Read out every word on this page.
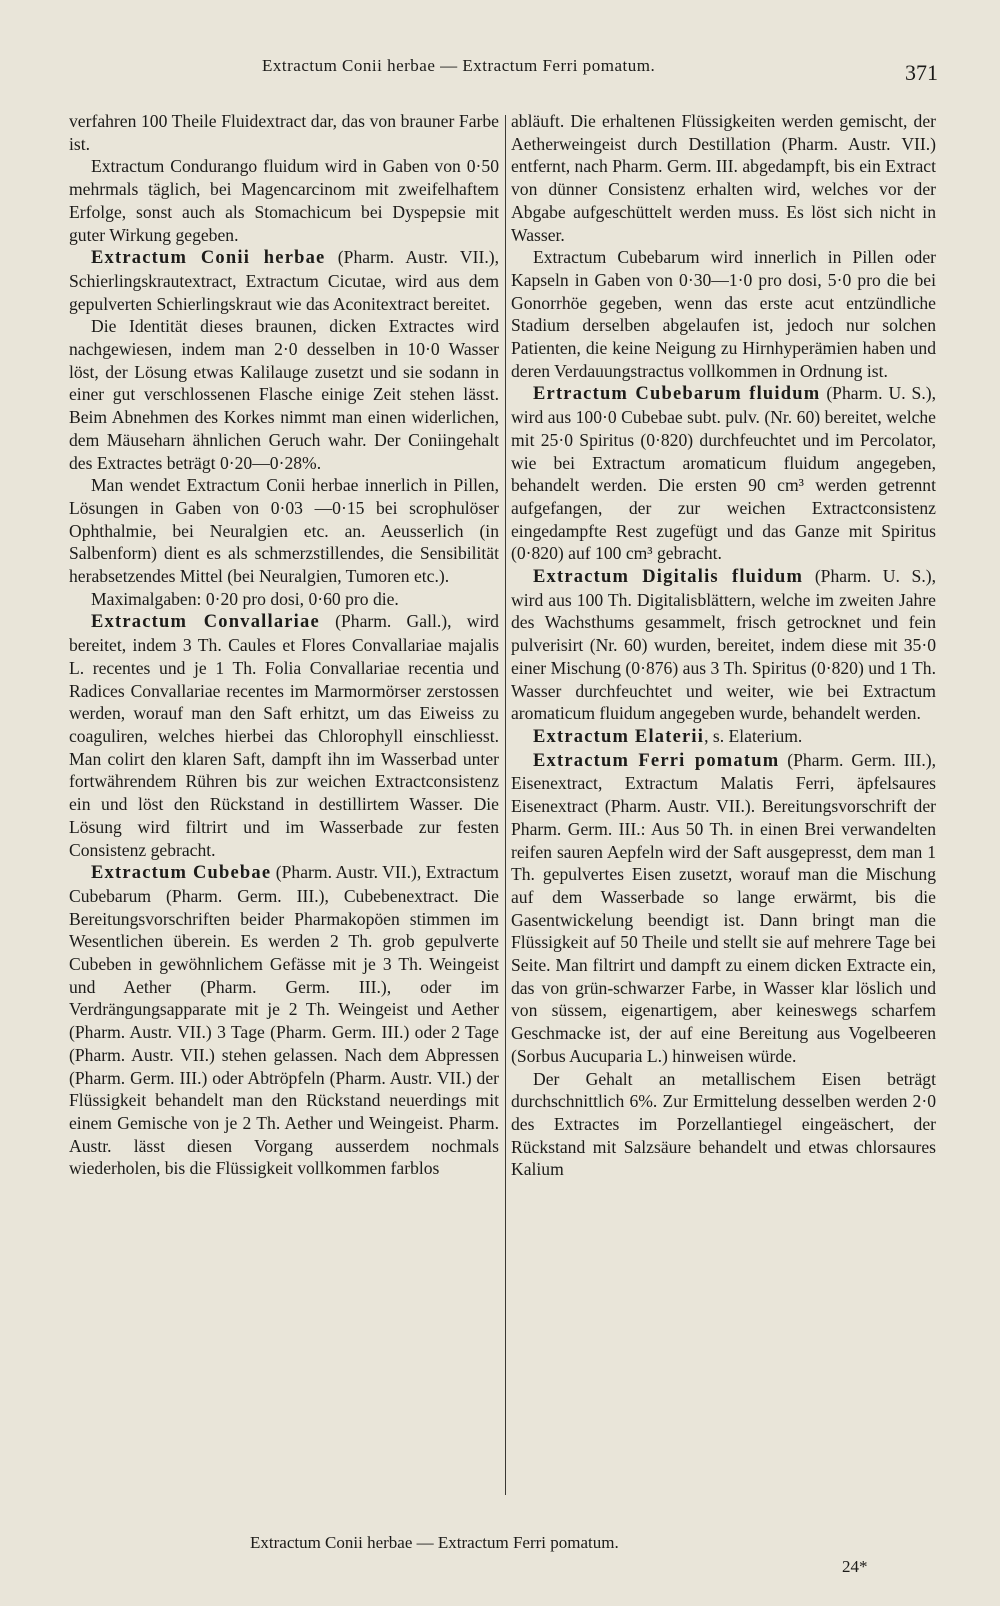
Extractum Conii herbae — Extractum Ferri pomatum.	371

verfahren 100 Theile Fluidextract dar, das von brauner Farbe ist.

Extractum Condurango fluidum wird in Gaben von 0·50 mehrmals täglich, bei Magencarcinom mit zweifelhaftem Erfolge, sonst auch als Stomachicum bei Dyspepsie mit guter Wirkung gegeben.

Extractum Conii herbae (Pharm. Austr. VII.), Schierlingskrautextract, Extractum Cicutae, wird aus dem gepulverten Schierlingskraut wie das Aconitextract bereitet.

Die Identität dieses braunen, dicken Extractes wird nachgewiesen, indem man 2·0 desselben in 10·0 Wasser löst, der Lösung etwas Kalilauge zusetzt und sie sodann in einer gut verschlossenen Flasche einige Zeit stehen lässt. Beim Abnehmen des Korkes nimmt man einen widerlichen, dem Mäuseharn ähnlichen Geruch wahr. Der Coniingehalt des Extractes beträgt 0·20—0·28%.

Man wendet Extractum Conii herbae innerlich in Pillen, Lösungen in Gaben von 0·03 —0·15 bei scrophulöser Ophthalmie, bei Neuralgien etc. an. Aeusserlich (in Salbenform) dient es als schmerzstillendes, die Sensibilität herabsetzendes Mittel (bei Neuralgien, Tumoren etc.).

Maximalgaben: 0·20 pro dosi, 0·60 pro die.

Extractum Convallariae (Pharm. Gall.), wird bereitet, indem 3 Th. Caules et Flores Convallariae majalis L. recentes und je 1 Th. Folia Convallariae recentia und Radices Convallariae recentes im Marmormörser zerstossen werden, worauf man den Saft erhitzt, um das Eiweiss zu coaguliren, welches hierbei das Chlorophyll einschliesst. Man colirt den klaren Saft, dampft ihn im Wasserbad unter fortwährendem Rühren bis zur weichen Extractconsistenz ein und löst den Rückstand in destillirtem Wasser. Die Lösung wird filtrirt und im Wasserbade zur festen Consistenz gebracht.

Extractum Cubebae (Pharm. Austr. VII.), Extractum Cubebarum (Pharm. Germ. III.), Cubebenextract. Die Bereitungsvorschriften beider Pharmakopöen stimmen im Wesentlichen überein. Es werden 2 Th. grob gepulverte Cubeben in gewöhnlichem Gefässe mit je 3 Th. Weingeist und Aether (Pharm. Germ. III.), oder im Verdrängungsapparate mit je 2 Th. Weingeist und Aether (Pharm. Austr. VII.) 3 Tage (Pharm. Germ. III.) oder 2 Tage (Pharm. Austr. VII.) stehen gelassen. Nach dem Abpressen (Pharm. Germ. III.) oder Abtröpfeln (Pharm. Austr. VII.) der Flüssigkeit behandelt man den Rückstand neuerdings mit einem Gemische von je 2 Th. Aether und Weingeist. Pharm. Austr. lässt diesen Vorgang ausserdem nochmals wiederholen, bis die Flüssigkeit vollkommen farblos

abläuft. Die erhaltenen Flüssigkeiten werden gemischt, der Aetherweingeist durch Destillation (Pharm. Austr. VII.) entfernt, nach Pharm. Germ. III. abgedampft, bis ein Extract von dünner Consistenz erhalten wird, welches vor der Abgabe aufgeschüttelt werden muss. Es löst sich nicht in Wasser.

Extractum Cubebarum wird innerlich in Pillen oder Kapseln in Gaben von 0·30—1·0 pro dosi, 5·0 pro die bei Gonorrhöe gegeben, wenn das erste acut entzündliche Stadium derselben abgelaufen ist, jedoch nur solchen Patienten, die keine Neigung zu Hirnhyperämien haben und deren Verdauungstractus vollkommen in Ordnung ist.

Ertractum Cubebarum fluidum (Pharm. U. S.), wird aus 100·0 Cubebae subt. pulv. (Nr. 60) bereitet, welche mit 25·0 Spiritus (0·820) durchfeuchtet und im Percolator, wie bei Extractum aromaticum fluidum angegeben, behandelt werden. Die ersten 90 cm³ werden getrennt aufgefangen, der zur weichen Extractconsistenz eingedampfte Rest zugefügt und das Ganze mit Spiritus (0·820) auf 100 cm³ gebracht.

Extractum Digitalis fluidum (Pharm. U. S.), wird aus 100 Th. Digitalisblättern, welche im zweiten Jahre des Wachsthums gesammelt, frisch getrocknet und fein pulverisirt (Nr. 60) wurden, bereitet, indem diese mit 35·0 einer Mischung (0·876) aus 3 Th. Spiritus (0·820) und 1 Th. Wasser durchfeuchtet und weiter, wie bei Extractum aromaticum fluidum angegeben wurde, behandelt werden.

Extractum Elaterii, s. Elaterium.

Extractum Ferri pomatum (Pharm. Germ. III.), Eisenextract, Extractum Malatis Ferri, äpfelsaures Eisenextract (Pharm. Austr. VII.). Bereitungsvorschrift der Pharm. Germ. III.: Aus 50 Th. in einen Brei verwandelten reifen sauren Aepfeln wird der Saft ausgepresst, dem man 1 Th. gepulvertes Eisen zusetzt, worauf man die Mischung auf dem Wasserbade so lange erwärmt, bis die Gasentwickelung beendigt ist. Dann bringt man die Flüssigkeit auf 50 Theile und stellt sie auf mehrere Tage bei Seite. Man filtrirt und dampft zu einem dicken Extracte ein, das von grün-schwarzer Farbe, in Wasser klar löslich und von süssem, eigenartigem, aber keineswegs scharfem Geschmacke ist, der auf eine Bereitung aus Vogelbeeren (Sorbus Aucuparia L.) hinweisen würde.

Der Gehalt an metallischem Eisen beträgt durchschnittlich 6%. Zur Ermittelung desselben werden 2·0 des Extractes im Porzellantiegel eingeäschert, der Rückstand mit Salzsäure behandelt und etwas chlorsaures Kalium

Extractum Conii herbae — Extractum Ferri pomatum.
24*
